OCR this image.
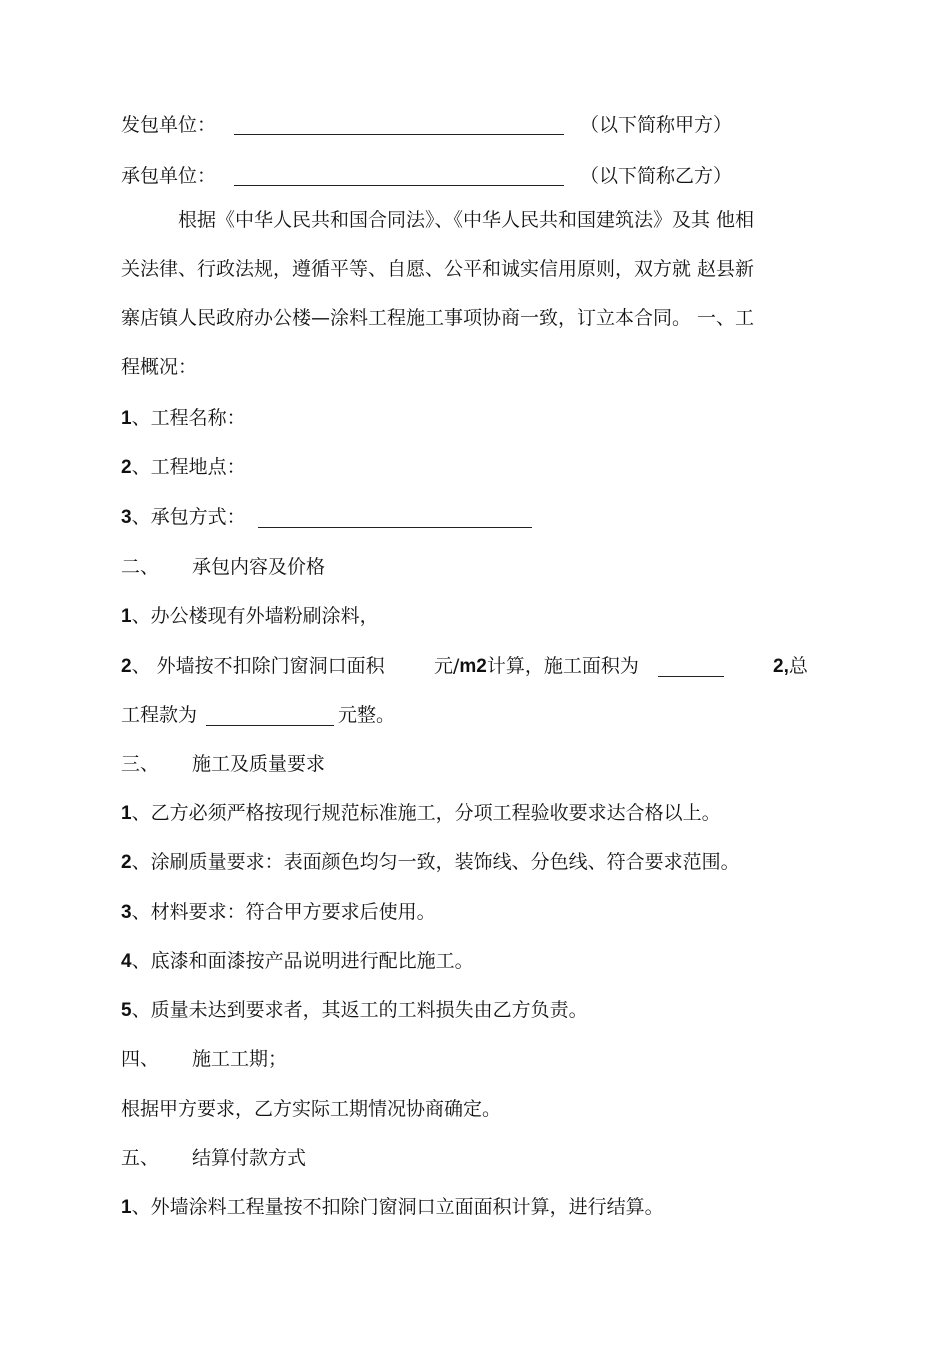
发包单位：	（以下简称甲方）
承包单位：	（以下简称乙方）
根据《中华人民共和国合同法》、《中华人民共和国建筑法》及其 他相
关法律、行政法规，遵循平等、自愿、公平和诚实信用原则，双方就 赵县新
寨店镇人民政府办公楼—涂料工程施工事项协商一致，订立本合同。 一、工
程概况：
1、工程名称：
2、工程地点：
3、承包方式：
二、 承包内容及价格
1、办公楼现有外墙粉刷涂料，
2、 外墙按不扣除门窗洞口面积	元/m2计算，施工面积为	2,总
工程款为	元整。
三、 施工及质量要求
1、乙方必须严格按现行规范标准施工，分项工程验收要求达合格以上。
2、涂刷质量要求：表面颜色均匀一致，装饰线、分色线、符合要求范围。
3、材料要求：符合甲方要求后使用。
4、底漆和面漆按产品说明进行配比施工。
5、质量未达到要求者，其返工的工料损失由乙方负责。
四、 施工工期；
根据甲方要求，乙方实际工期情况协商确定。
五、 结算付款方式
1、外墙涂料工程量按不扣除门窗洞口立面面积计算，进行结算。
